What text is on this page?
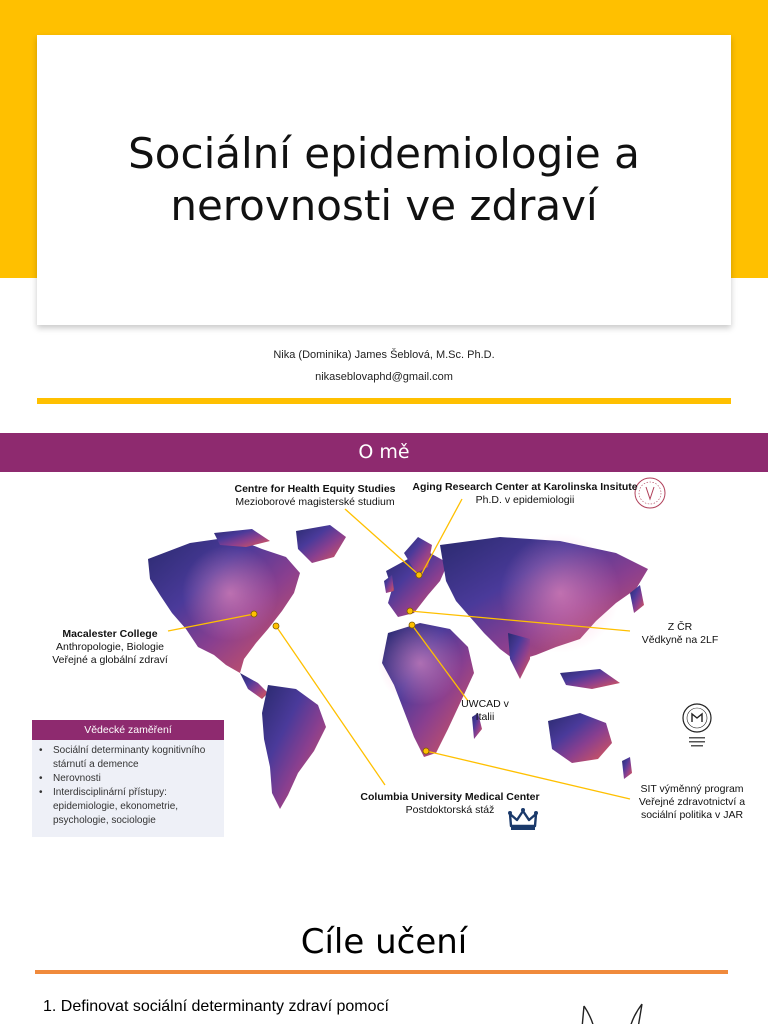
Sociální epidemiologie a nerovnosti ve zdraví
Nika (Dominika) James Šeblová, M.Sc. Ph.D.
nikaseblovaphd@gmail.com
O mě
Centre for Health Equity Studies
Mezioborové magisterské studium
Aging Research Center at Karolinska Insitute
Ph.D. v epidemiologii
Macalester College
Anthropologie, Biologie
Veřejné a globální zdraví
Z ČR
Vědkyně na 2LF
UWCAD v
Italii
Columbia University Medical Center
Postdoktorská stáž
SIT výměnný program
Veřejné zdravotnictví a
sociální politika v JAR
Vědecké zaměření
• Sociální determinanty kognitivního stárnutí a demence
• Nerovnosti
• Interdisciplinární přístupy: epidemiologie, ekonometrie, psychologie, sociologie
Cíle učení
1. Definovat sociální determinanty zdraví pomocí
